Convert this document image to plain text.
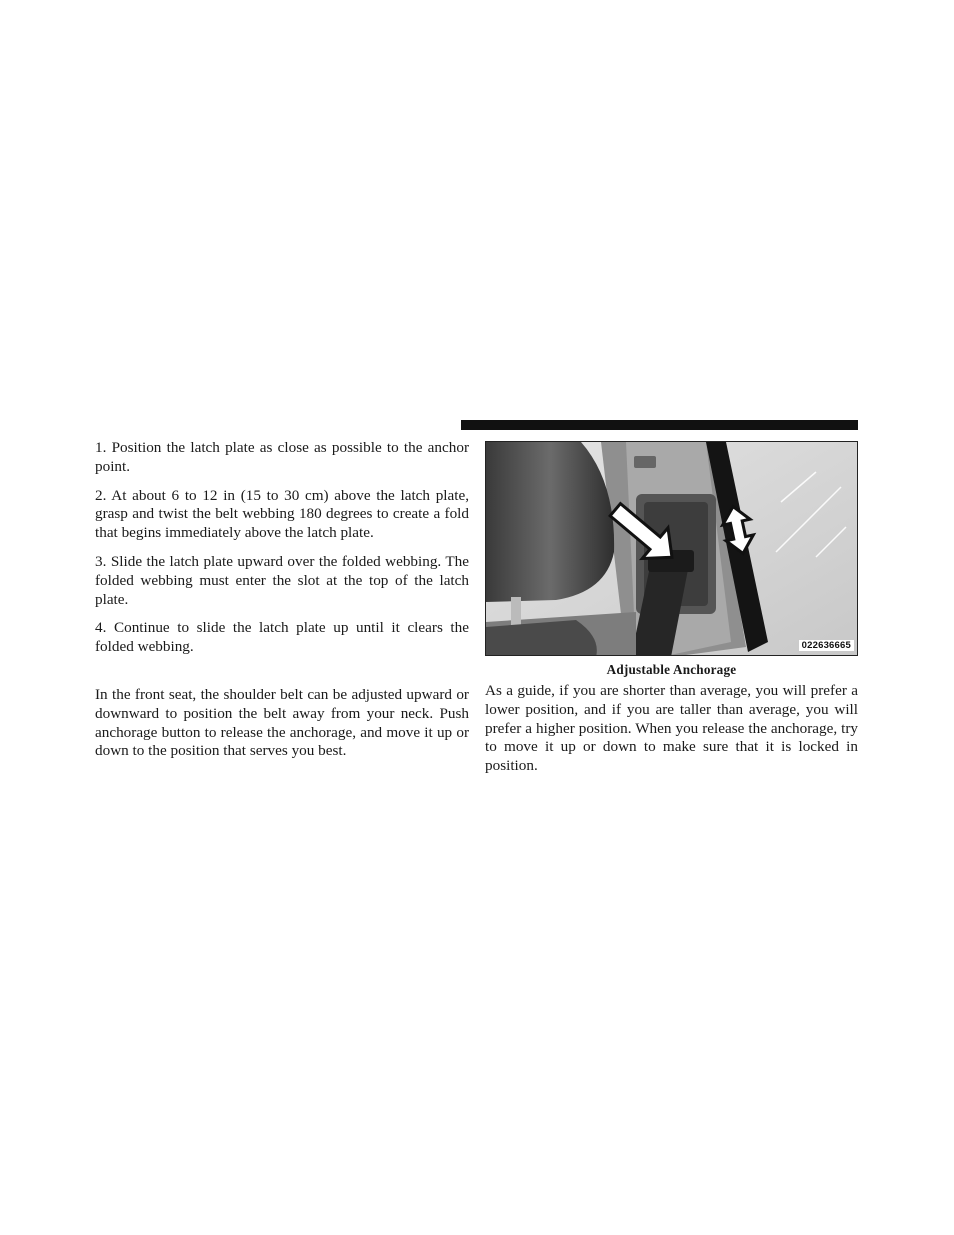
1. Position the latch plate as close as possible to the anchor point.

2. At about 6 to 12 in (15 to 30 cm) above the latch plate, grasp and twist the belt webbing 180 degrees to create a fold that begins immediately above the latch plate.

3. Slide the latch plate upward over the folded webbing. The folded webbing must enter the slot at the top of the latch plate.

4. Continue to slide the latch plate up until it clears the folded webbing.

In the front seat, the shoulder belt can be adjusted upward or downward to position the belt away from your neck. Push anchorage button to release the anchorage, and move it up or down to the position that serves you best.

022636665
Adjustable Anchorage

As a guide, if you are shorter than average, you will prefer a lower position, and if you are taller than average, you will prefer a higher position. When you release the anchorage, try to move it up or down to make sure that it is locked in position.
